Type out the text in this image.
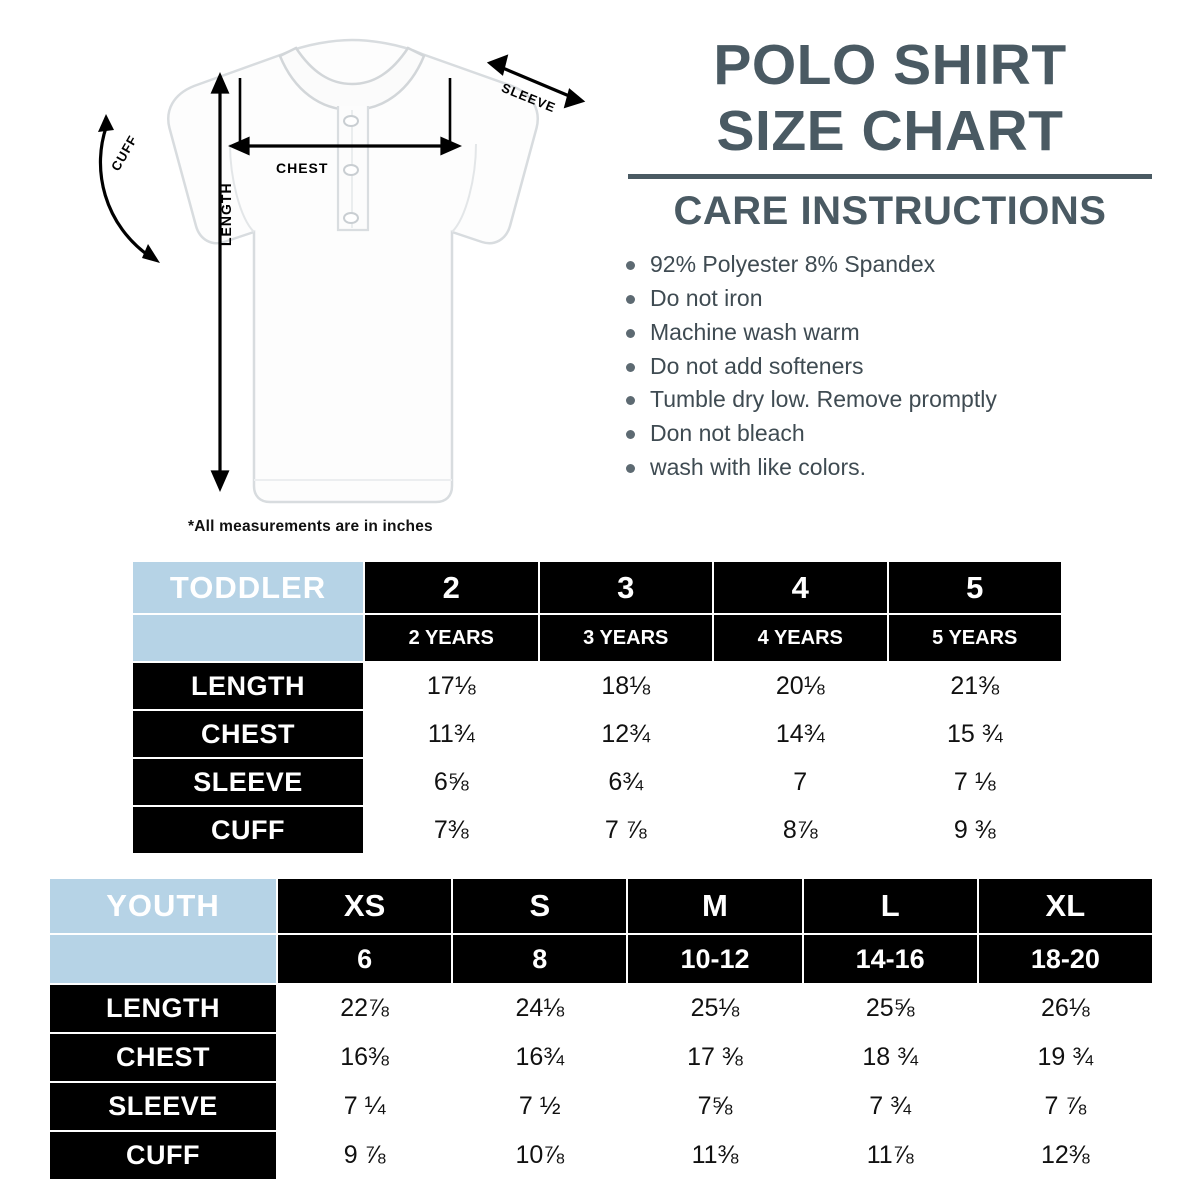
CHEST
LENGTH
CUFF
SLEEVE
*All measurements are in inches
POLO SHIRT
SIZE CHART
CARE INSTRUCTIONS
92% Polyester 8% Spandex
Do not iron
Machine wash warm
Do not add softeners
Tumble dry low. Remove promptly
Don not bleach
wash with like colors.
TODDLER	2	3	4	5
	2 YEARS	3 YEARS	4 YEARS	5 YEARS
LENGTH	17⅛	18⅛	20⅛	21⅜
CHEST	11¾	12¾	14¾	15 ¾
SLEEVE	6⅝	6¾	7	7 ⅛
CUFF	7⅜	7 ⅞	8⅞	9 ⅜
YOUTH	XS	S	M	L	XL
	6	8	10-12	14-16	18-20
LENGTH	22⅞	24⅛	25⅛	25⅝	26⅛
CHEST	16⅜	16¾	17 ⅜	18 ¾	19 ¾
SLEEVE	7 ¼	7 ½	7⅝	7 ¾	7 ⅞
CUFF	9 ⅞	10⅞	11⅜	11⅞	12⅜
